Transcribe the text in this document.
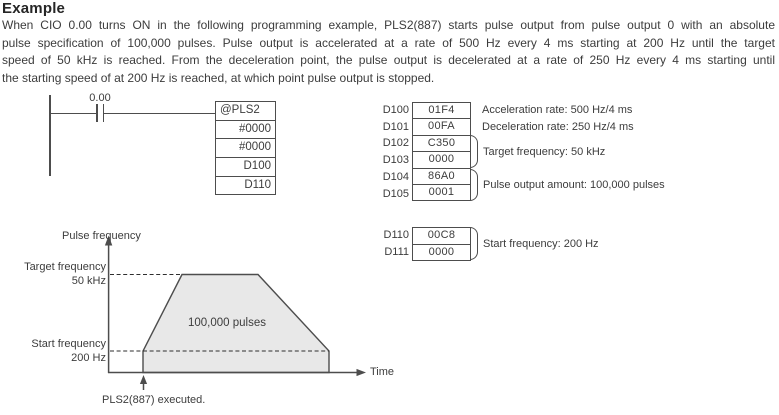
Example
When CIO 0.00 turns ON in the following programming example, PLS2(887) starts pulse output from pulse output 0 with an absolute
pulse specification of 100,000 pulses. Pulse output is accelerated at a rate of 500 Hz every 4 ms starting at 200 Hz until the target
speed of 50 kHz is reached. From the deceleration point, the pulse output is decelerated at a rate of 250 Hz every 4 ms starting until
the starting speed of at 200 Hz is reached, at which point pulse output is stopped.
0.00
@PLS2
#0000
#0000
D100
D110
D100
D101
D102
D103
D104
D105
01F4
00FA
C350
0000
86A0
0001
Acceleration rate: 500 Hz/4 ms
Deceleration rate: 250 Hz/4 ms
Target frequency: 50 kHz
Pulse output amount: 100,000 pulses
D110
D111
00C8
0000
Start frequency: 200 Hz
Pulse frequency
Target frequency
50 kHz
Start frequency
200 Hz
100,000 pulses
Time
PLS2(887) executed.
